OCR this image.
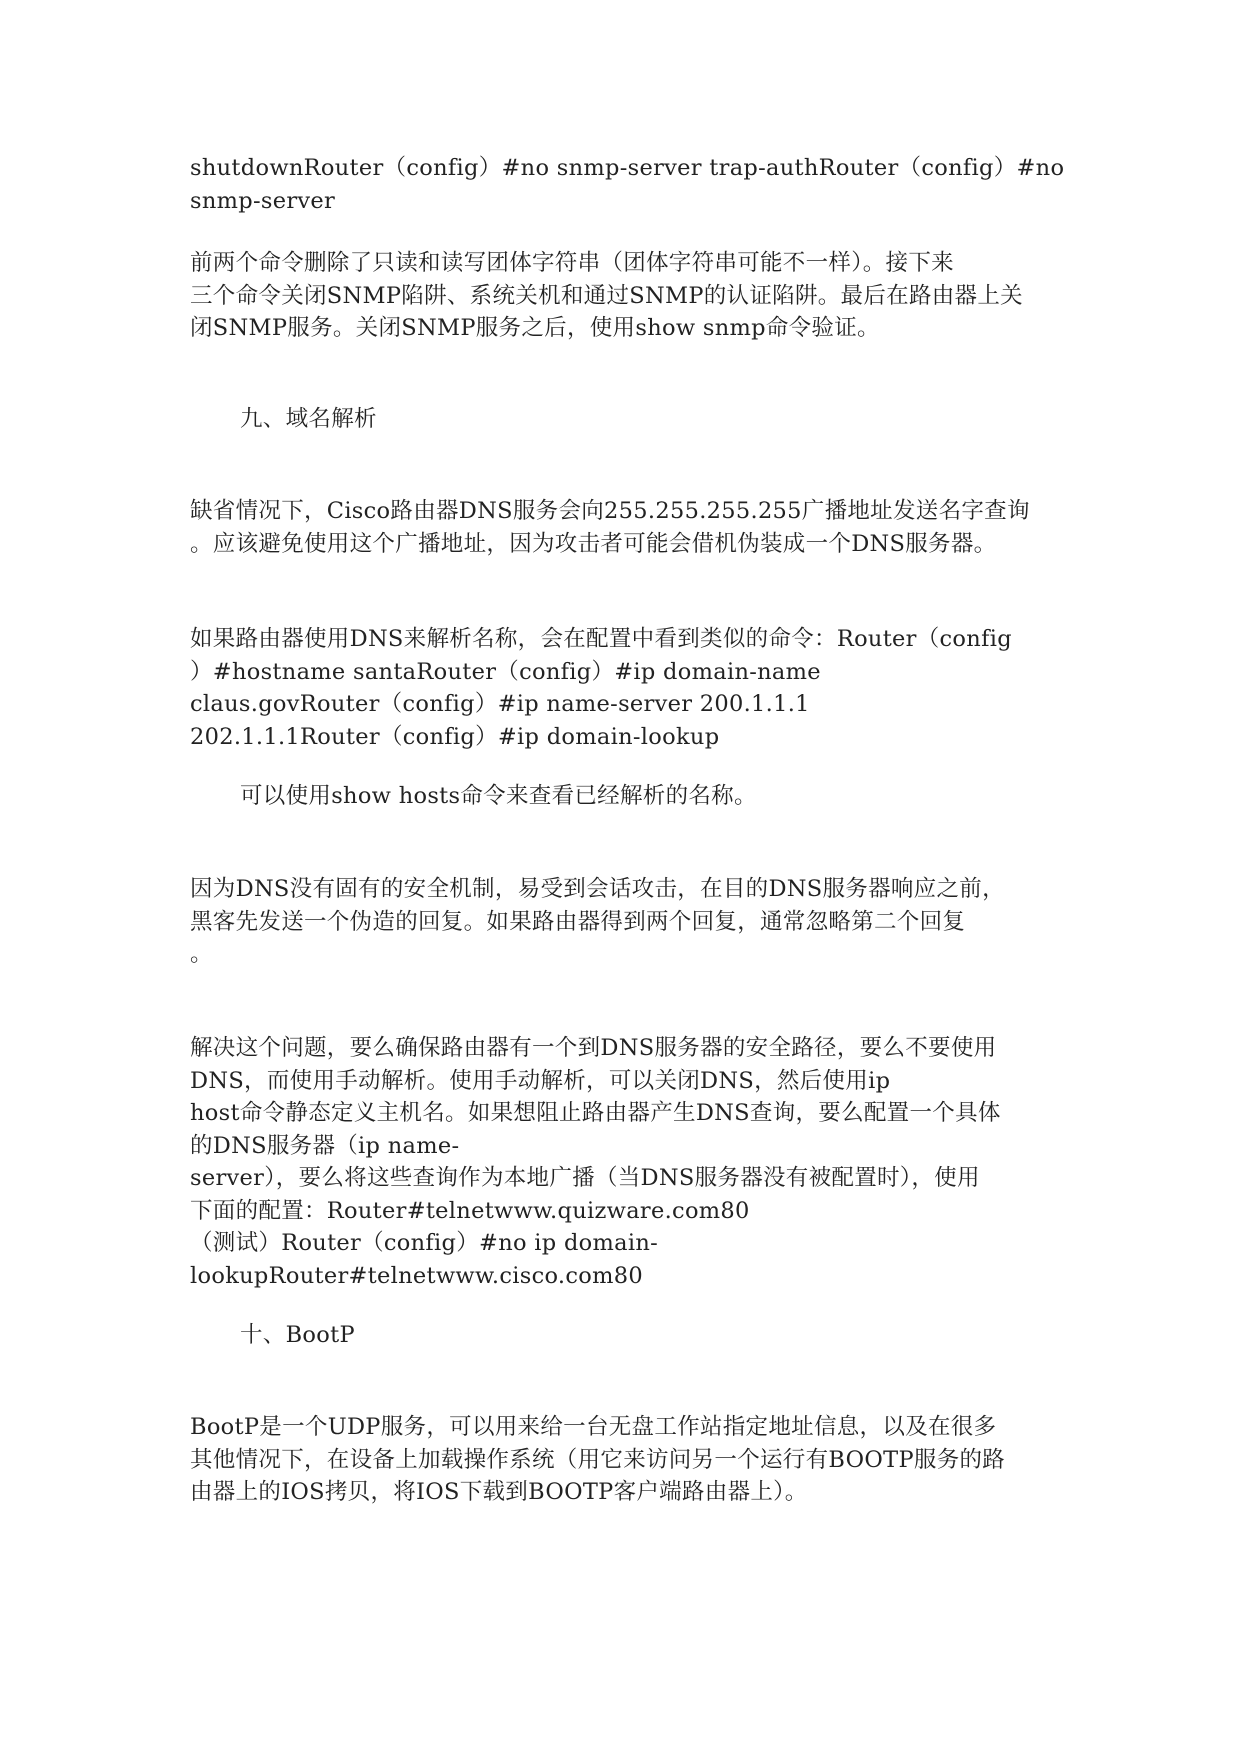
shutdownRouter（config）#no snmp-server trap-authRouter（config）#no
snmp-server
前两个命令删除了只读和读写团体字符串（团体字符串可能不一样）。接下来
三个命令关闭SNMP陷阱、系统关机和通过SNMP的认证陷阱。最后在路由器上关
闭SNMP服务。关闭SNMP服务之后，使用show snmp命令验证。
九、域名解析
缺省情况下，Cisco路由器DNS服务会向255.255.255.255广播地址发送名字查询
。应该避免使用这个广播地址，因为攻击者可能会借机伪装成一个DNS服务器。
如果路由器使用DNS来解析名称，会在配置中看到类似的命令：Router（config
）#hostname santaRouter（config）#ip domain-name
claus.govRouter（config）#ip name-server 200.1.1.1
202.1.1.1Router（config）#ip domain-lookup
可以使用show hosts命令来查看已经解析的名称。
因为DNS没有固有的安全机制，易受到会话攻击，在目的DNS服务器响应之前，
黑客先发送一个伪造的回复。如果路由器得到两个回复，通常忽略第二个回复
。
解决这个问题，要么确保路由器有一个到DNS服务器的安全路径，要么不要使用
DNS，而使用手动解析。使用手动解析，可以关闭DNS，然后使用ip
host命令静态定义主机名。如果想阻止路由器产生DNS查询，要么配置一个具体
的DNS服务器（ip name-
server），要么将这些查询作为本地广播（当DNS服务器没有被配置时），使用
下面的配置：Router#telnetwww.quizware.com80
（测试）Router（config）#no ip domain-
lookupRouter#telnetwww.cisco.com80
十、BootP
BootP是一个UDP服务，可以用来给一台无盘工作站指定地址信息，以及在很多
其他情况下，在设备上加载操作系统（用它来访问另一个运行有BOOTP服务的路
由器上的IOS拷贝，将IOS下载到BOOTP客户端路由器上）。
